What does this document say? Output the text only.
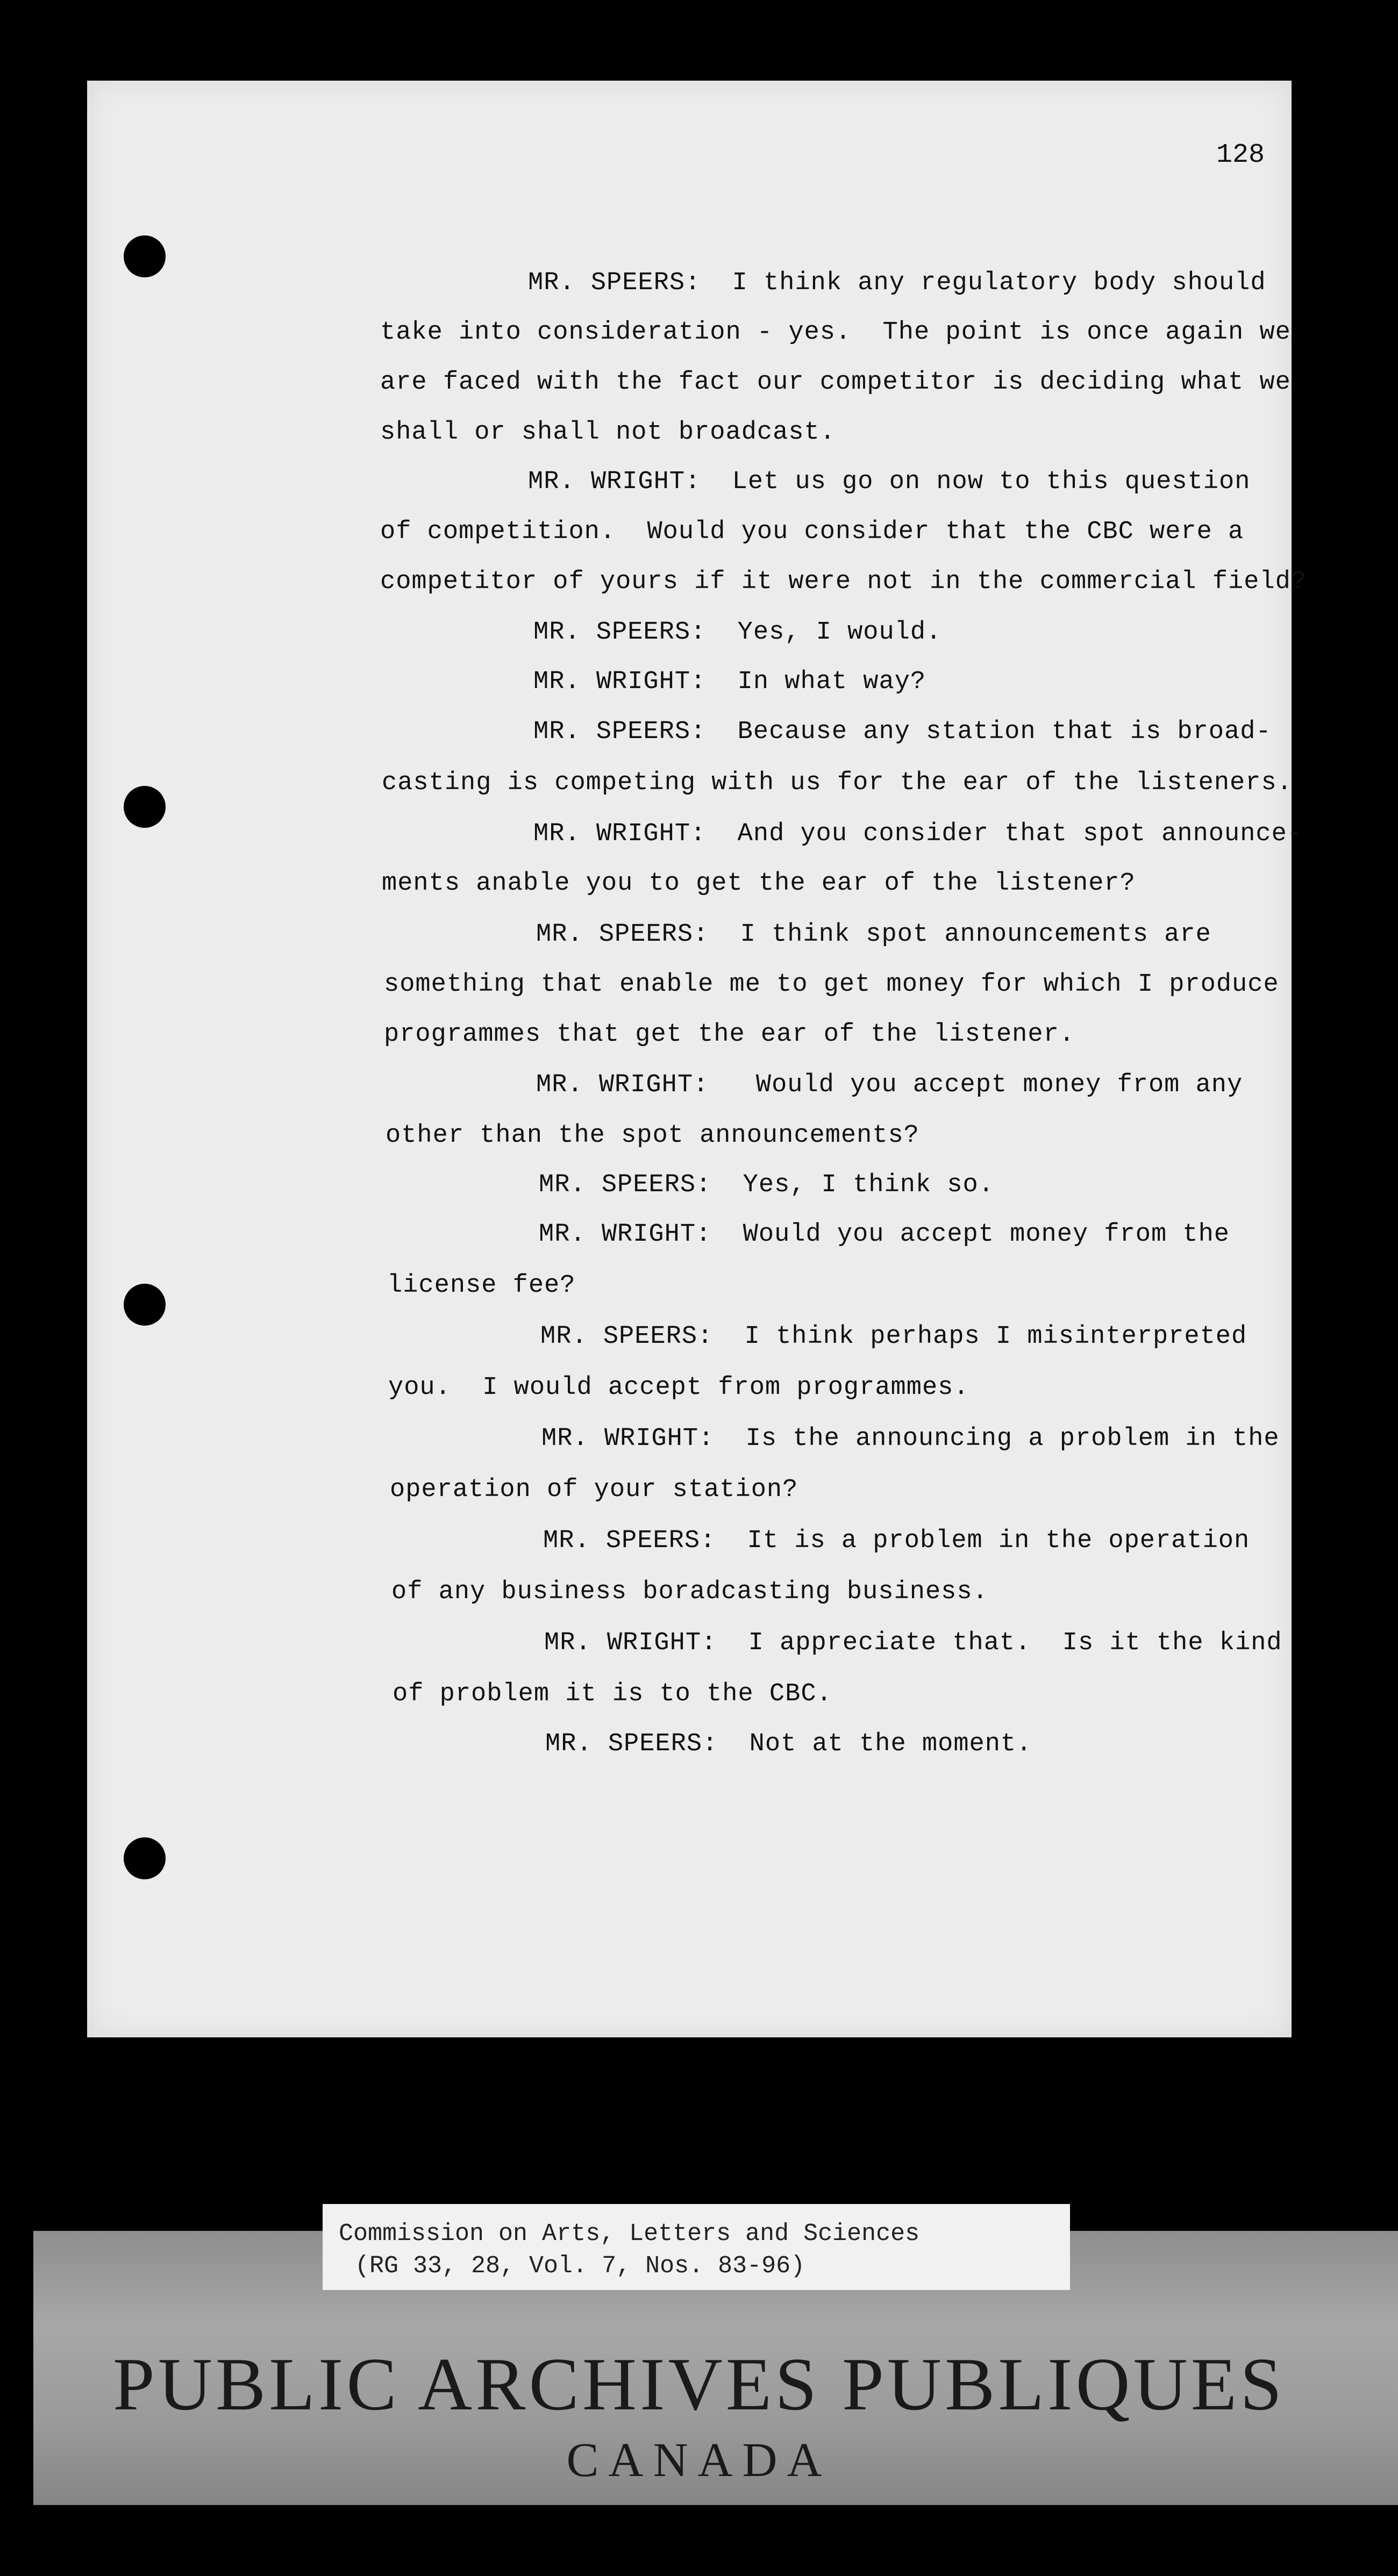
128
MR. SPEERS:  I think any regulatory body should
take into consideration - yes.  The point is once again we
are faced with the fact our competitor is deciding what we
shall or shall not broadcast.
MR. WRIGHT:  Let us go on now to this question
of competition.  Would you consider that the CBC were a
competitor of yours if it were not in the commercial field?
MR. SPEERS:  Yes, I would.
MR. WRIGHT:  In what way?
MR. SPEERS:  Because any station that is broad-
casting is competing with us for the ear of the listeners.
MR. WRIGHT:  And you consider that spot announce-
ments anable you to get the ear of the listener?
MR. SPEERS:  I think spot announcements are
something that enable me to get money for which I produce
programmes that get the ear of the listener.
MR. WRIGHT:   Would you accept money from any
other than the spot announcements?
MR. SPEERS:  Yes, I think so.
MR. WRIGHT:  Would you accept money from the
license fee?
MR. SPEERS:  I think perhaps I misinterpreted
you.  I would accept from programmes.
MR. WRIGHT:  Is the announcing a problem in the
operation of your station?
MR. SPEERS:  It is a problem in the operation
of any business boradcasting business.
MR. WRIGHT:  I appreciate that.  Is it the kind
of problem it is to the CBC.
MR. SPEERS:  Not at the moment.
Commission on Arts, Letters and Sciences
(RG 33, 28, Vol. 7, Nos. 83-96)
PUBLIC ARCHIVES PUBLIQUES
CANADA
